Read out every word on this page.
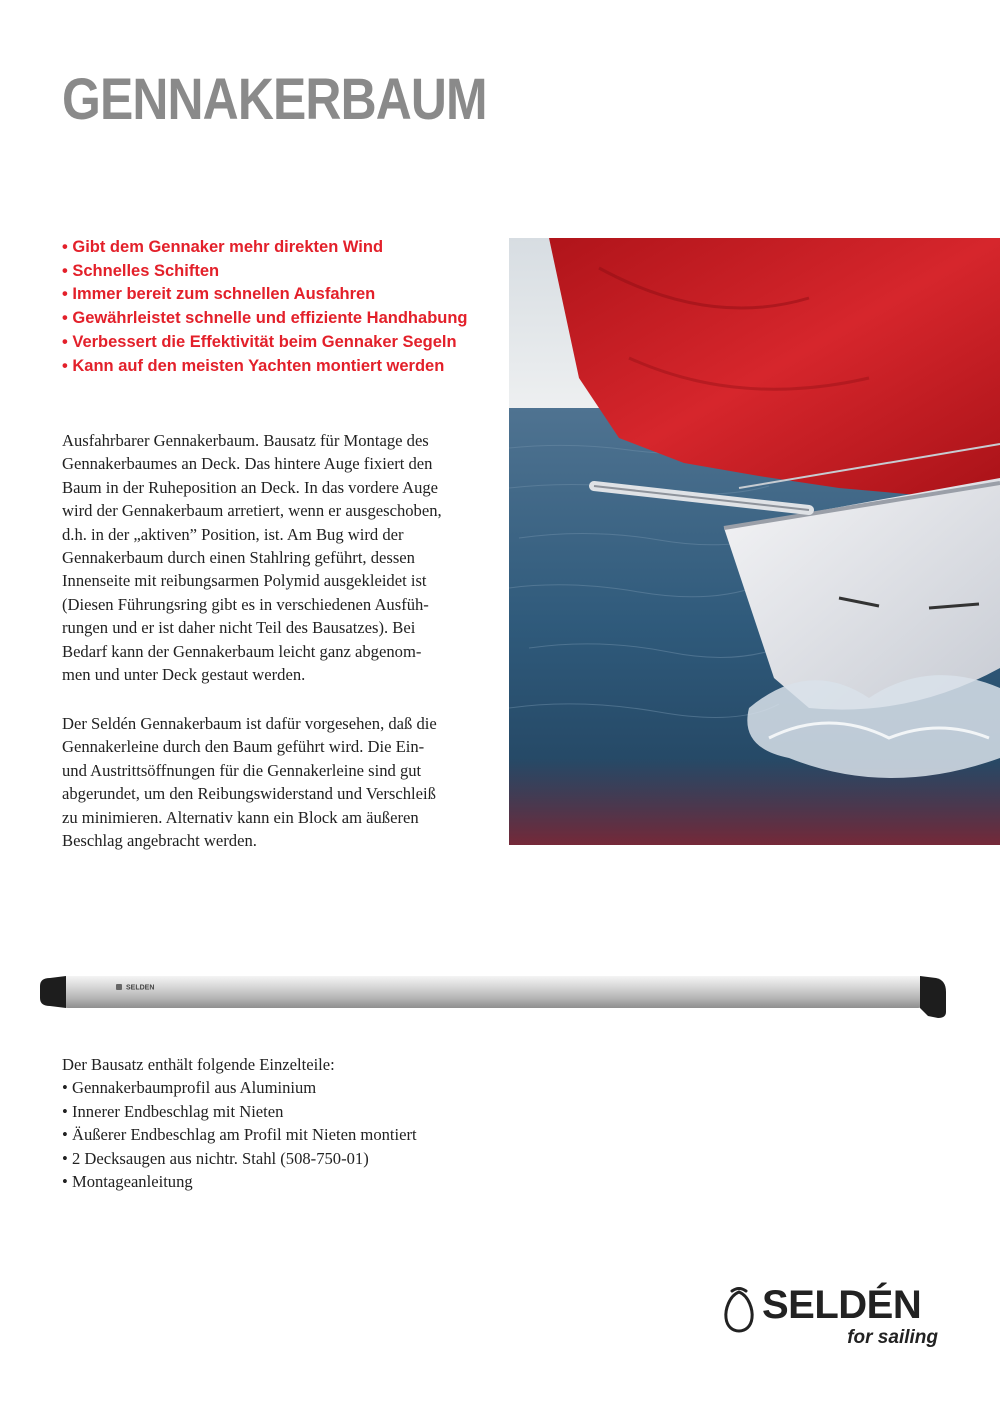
GENNAKERBAUM
• Gibt dem Gennaker mehr direkten Wind
• Schnelles Schiften
• Immer bereit zum schnellen Ausfahren
• Gewährleistet schnelle und effiziente Handhabung
• Verbessert die Effektivität beim Gennaker Segeln
• Kann auf den meisten Yachten montiert werden

Ausfahrbarer Gennakerbaum. Bausatz für Montage des
Gennakerbaumes an Deck. Das hintere Auge fixiert den
Baum in der Ruheposition an Deck. In das vordere Auge
wird der Gennakerbaum arretiert, wenn er ausgeschoben,
d.h. in der „aktiven” Position, ist. Am Bug wird der
Gennakerbaum durch einen Stahlring geführt, dessen
Innenseite mit reibungsarmen Polymid ausgekleidet ist
(Diesen Führungsring gibt es in verschiedenen Ausfüh-
rungen und er ist daher nicht Teil des Bausatzes). Bei
Bedarf kann der Gennakerbaum leicht ganz abgenom-
men und unter Deck gestaut werden.

Der Seldén Gennakerbaum ist dafür vorgesehen, daß die
Gennakerleine durch den Baum geführt wird. Die Ein-
und Austrittsöffnungen für die Gennakerleine sind gut
abgerundet, um den Reibungswiderstand und Verschleiß
zu minimieren. Alternativ kann ein Block am äußeren
Beschlag angebracht werden.

SELDEN

Der Bausatz enthält folgende Einzelteile:

• Gennakerbaumprofil aus Aluminium
• Innerer Endbeschlag mit Nieten
• Äußerer Endbeschlag am Profil mit Nieten montiert
• 2 Decksaugen aus nichtr. Stahl (508-750-01)
• Montageanleitung

SELDÉN

for sailing
